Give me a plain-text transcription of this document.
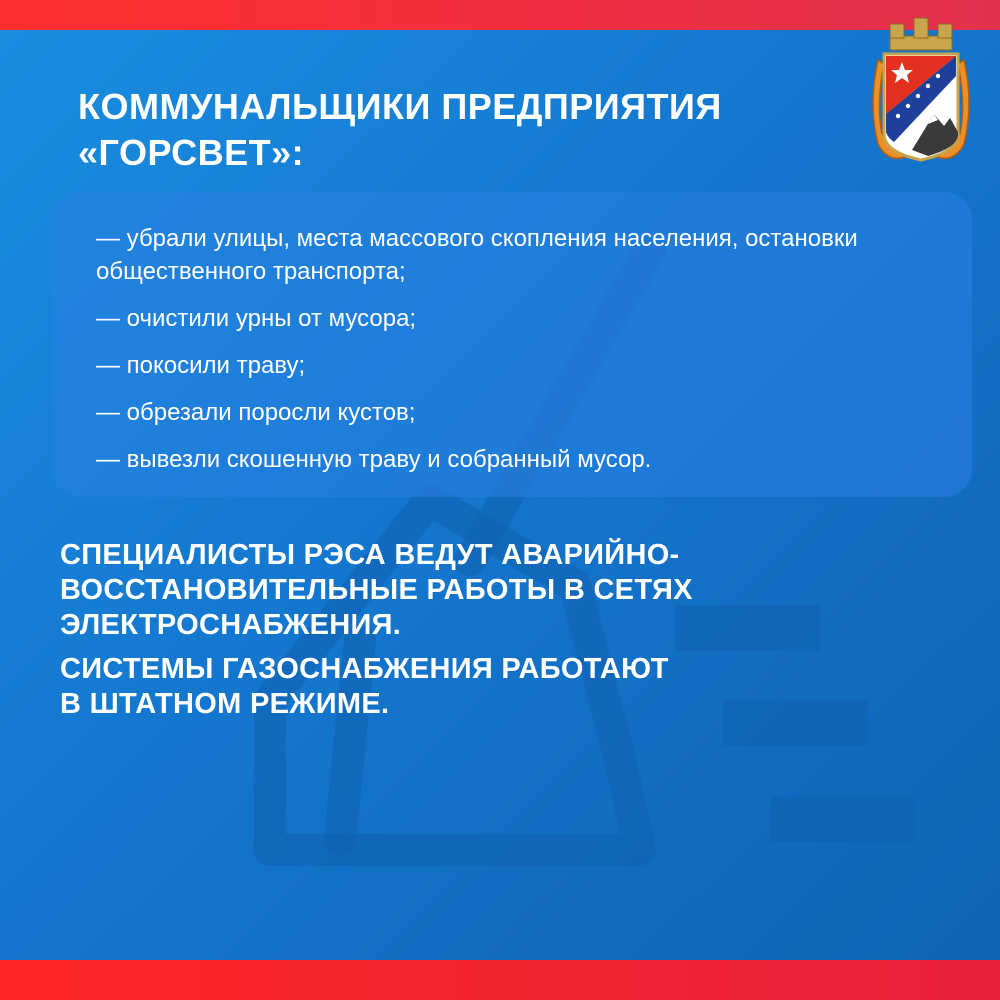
КОММУНАЛЬЩИКИ ПРЕДПРИЯТИЯ
«ГОРСВЕТ»:
— убрали улицы, места массового скопления населения, остановки общественного транспорта;
— очистили урны от мусора;
— покосили траву;
— обрезали поросли кустов;
— вывезли скошенную траву и собранный мусор.

СПЕЦИАЛИСТЫ РЭСА ВЕДУТ АВАРИЙНО-
ВОССТАНОВИТЕЛЬНЫЕ РАБОТЫ В СЕТЯХ
ЭЛЕКТРОСНАБЖЕНИЯ.

СИСТЕМЫ ГАЗОСНАБЖЕНИЯ РАБОТАЮТ
В ШТАТНОМ РЕЖИМЕ.
